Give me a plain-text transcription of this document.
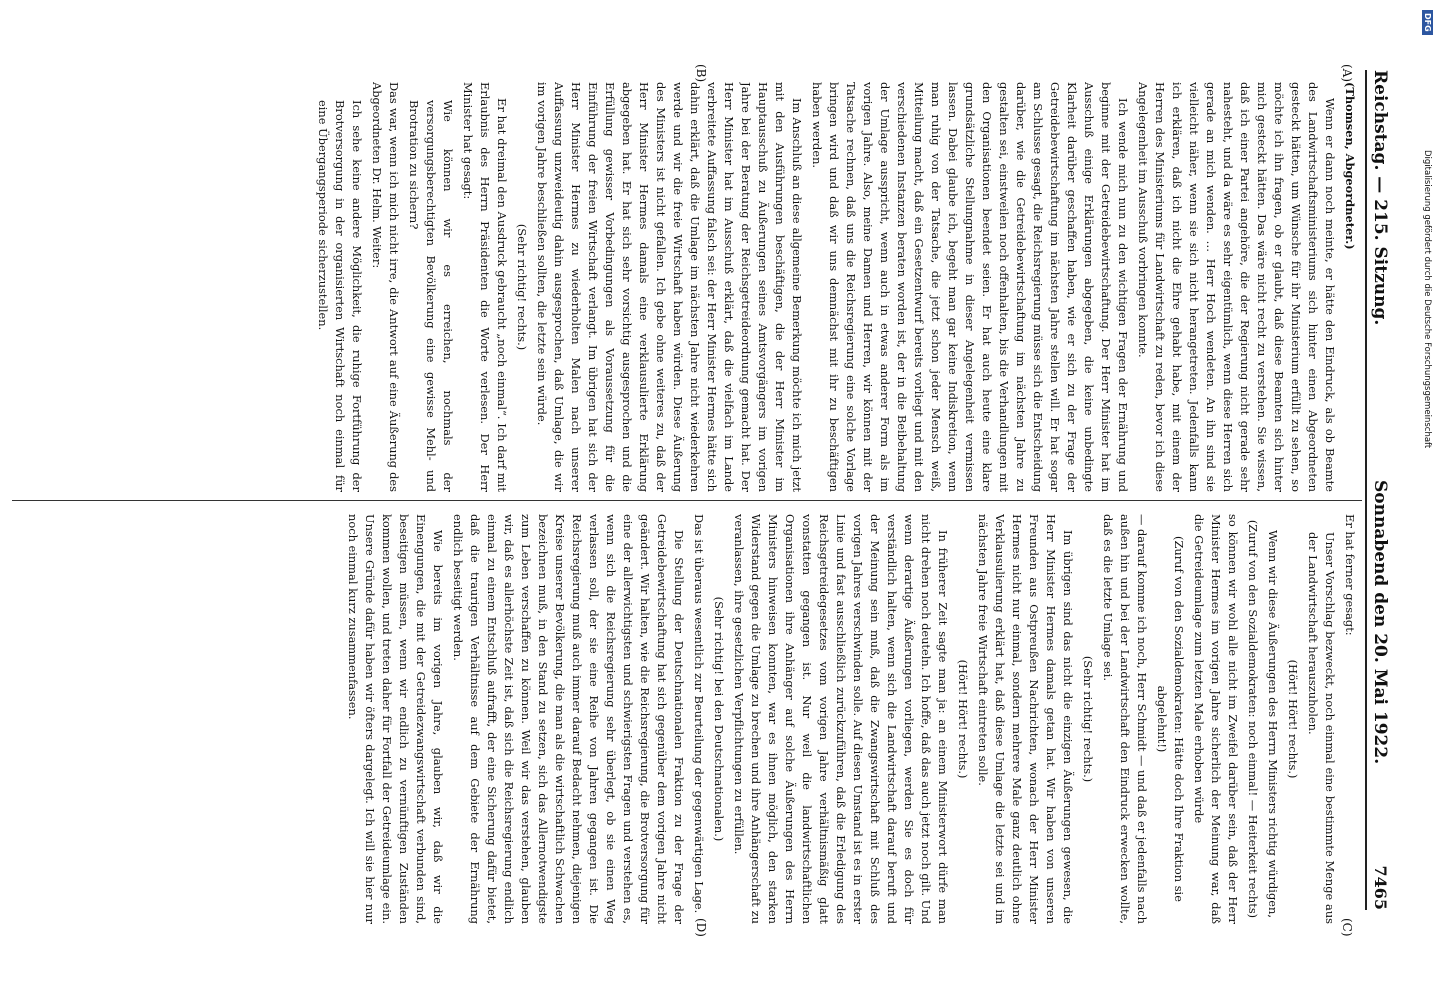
DFG
Digitalisierung gefördert durch die Deutsche Forschungsgemeinschaft
Reichstag. — 215. Sitzung.
Sonnabend den 20. Mai 1922.
7465
(A)
(B)
(C)
(D)

(Thomsen, Abgeordneter.)

Wenn er dann noch meinte, er hätte den Eindruck, als ob Beamte des Landwirtschaftsministeriums sich hinter einen Abgeordneten gesteckt hätten, um Wünsche für ihr Ministerium erfüllt zu sehen, so möchte ich ihn fragen, ob er glaubt, daß diese Beamten sich hinter mich gesteckt hätten. Das wäre nicht recht zu verstehen. Sie wissen, daß ich einer Partei angehöre, die der Regierung nicht gerade sehr nahesteht, und da wäre es sehr eigentümlich, wenn diese Herren sich gerade an mich wenden. … Herr Hoch wendeten. An ihn sind sie vielleicht näher, wenn sie sich nicht herangetreten. Jedenfalls kann ich erklären, daß ich nicht die Ehre gehabt habe, mit einem der Herren des Ministeriums für Landwirtschaft zu reden, bevor ich diese Angelegenheit im Ausschuß vorbringen konnte.

Ich wende mich nun zu den wichtigen Fragen der Ernährung und beginne mit der Getreidebewirtschaftung. Der Herr Minister hat im Ausschuß einige Erklärungen abgegeben, die keine unbedingte Klarheit darüber geschaffen haben, wie er sich zu der Frage der Getreidebewirtschaftung im nächsten Jahre stellen will. Er hat sogar am Schlusse gesagt, die Reichsregierung müsse sich die Entscheidung darüber, wie die Getreidebewirtschaftung im nächsten Jahre zu gestalten sei, einstweilen noch offenhalten, bis die Verhandlungen mit den Organisationen beendet seien. Er hat auch heute eine klare grundsätzliche Stellungnahme in dieser Angelegenheit vermissen lassen. Dabei glaube ich, begeht man gar keine Indiskretion, wenn man ruhig von der Tatsache, die jetzt schon jeder Mensch weiß, Mitteilung macht, daß ein Gesetzentwurf bereits vorliegt und mit den verschiedenen Instanzen beraten worden ist, der in die Beibehaltung der Umlage ausspricht, wenn auch in etwas anderer Form als im vorigen Jahre. Also, meine Damen und Herren, wir können mit der Tatsache rechnen, daß uns die Reichsregierung eine solche Vorlage bringen wird und daß wir uns demnächst mit ihr zu beschäftigen haben werden.

Im Anschluß an diese allgemeine Bemerkung möchte ich mich jetzt mit den Ausführungen beschäftigen, die der Herr Minister im Hauptausschuß zu Äußerungen seines Amtsvorgängers im vorigen Jahre bei der Beratung der Reichsgetreideordnung gemacht hat. Der Herr Minister hat im Ausschuß erklärt, daß die vielfach im Lande verbreitete Auffassung falsch sei: der Herr Minister Hermes hätte sich dahin erklärt, daß die Umlage im nächsten Jahre nicht wiederkehren werde und wir die freie Wirtschaft haben würden. Diese Äußerung des Ministers ist nicht gefallen. Ich gebe ohne weiteres zu, daß der Herr Minister Hermes damals eine verklausulierte Erklärung abgegeben hat. Er hat sich sehr vorsichtig ausgesprochen und die Erfüllung gewisser Vorbedingungen als Voraussetzung für die Einführung der freien Wirtschaft verlangt. Im übrigen hat sich der Herr Minister Hermes zu wiederholten Malen nach unserer Auffassung unzweideutig dahin ausgesprochen, daß Umlage, die wir im vorigen Jahre beschließen sollten, die letzte sein würde.

(Sehr richtig! rechts.)

Er hat dreimal den Ausdruck gebraucht „noch einmal“. Ich darf mit Erlaubnis des Herrn Präsidenten die Worte verlesen. Der Herr Minister hat gesagt:

Wie können wir es erreichen, nochmals der versorgungsberechtigten Bevölkerung eine gewisse Mehl- und Brotration zu sichern?

Das war, wenn ich mich nicht irre, die Antwort auf eine Äußerung des Abgeordneten Dr. Helm. Weiter:

Ich sehe keine andere Möglichkeit, die ruhige Fortführung der Brotversorgung in der organisierten Wirtschaft noch einmal für eine Übergangsperiode sicherzustellen.

Er hat ferner gesagt:

Unser Vorschlag bezweckt, noch einmal eine bestimmte Menge aus der Landwirtschaft herauszuholen.

(Hört! Hört! rechts.)

Wenn wir diese Äußerungen des Herrn Ministers richtig würdigen,

(Zuruf von den Sozialdemokraten: noch einmal! — Heiterkeit rechts)

so können wir wohl alle nicht im Zweifel darüber sein, daß der Herr Minister Hermes im vorigen Jahre sicherlich der Meinung war, daß die Getreideumlage zum letzten Male erhoben würde

(Zuruf von den Sozialdemokraten: Hätte doch Ihre Fraktion sie abgelehnt!)

— darauf komme ich noch, Herr Schmidt — und daß er jedenfalls nach außen hin und bei der Landwirtschaft den Eindruck erwecken wollte, daß es die letzte Umlage sei.

(Sehr richtig! rechts.)

Im übrigen sind das nicht die einzigen Äußerungen gewesen, die Herr Minister Hermes damals getan hat. Wir haben von unseren Freunden aus Ostpreußen Nachrichten, wonach der Herr Minister Hermes nicht nur einmal, sondern mehrere Male ganz deutlich ohne Verklausulierung erklärt hat, daß diese Umlage die letzte sei und im nächsten Jahre freie Wirtschaft eintreten solle.

(Hört! Hört! rechts.)

In früherer Zeit sagte man ja: an einem Ministerwort dürfe man nicht drehen noch deuteln. Ich hoffe, daß das auch jetzt noch gilt. Und wenn derartige Äußerungen vorliegen, werden Sie es doch für verständlich halten, wenn sich die Landwirtschaft darauf beruft und der Meinung sein muß, daß die Zwangswirtschaft mit Schluß des vorigen Jahres verschwinden solle. Auf diesen Umstand ist es in erster Linie und fast ausschließlich zurückzuführen, daß die Erledigung des Reichsgetreidegesetzes vom vorigen Jahre verhältnismäßig glatt vonstatten gegangen ist. Nur weil die landwirtschaftlichen Organisationen ihre Anhänger auf solche Äußerungen des Herrn Ministers hinweisen konnten, war es ihnen möglich, den starken Widerstand gegen die Umlage zu brechen und ihre Anhängerschaft zu veranlassen, ihre gesetzlichen Verpflichtungen zu erfüllen.

(Sehr richtig! bei den Deutschnationalen.)

Das ist überaus wesentlich zur Beurteilung der gegenwärtigen Lage.

Die Stellung der Deutschnationalen Fraktion zu der Frage der Getreidebewirtschaftung hat sich gegenüber dem vorigen Jahre nicht geändert. Wir halten, wie die Reichsregierung, die Brotversorgung für eine der allerwichtigsten und schwierigsten Fragen und verstehen es, wenn sich die Reichsregierung sehr überlegt, ob sie einen Weg verlassen soll, der sie eine Reihe von Jahren gegangen ist. Die Reichsregierung muß auch immer darauf Bedacht nehmen, diejenigen Kreise unserer Bevölkerung, die man als die wirtschaftlich Schwachen bezeichnen muß, in den Stand zu setzen, sich das Allernotwendigste zum Leben verschaffen zu können. Weil wir das verstehen, glauben wir, daß es allerhöchste Zeit ist, daß sich die Reichsregierung endlich einmal zu einem Entschluß aufrafft, der eine Sicherung dafür bietet, daß die traurigen Verhältnisse auf dem Gebiete der Ernährung endlich beseitigt werden.

Wie bereits im vorigen Jahre, glauben wir, daß wir die Einengungen, die mit der Getreidezwangswirtschaft verbunden sind, beseitigen müssen, wenn wir endlich zu vernünftigen Zuständen kommen wollen, und treten daher für Fortfall der Getreideumlage ein. Unsere Gründe dafür haben wir öfters dargelegt. Ich will sie hier nur noch einmal kurz zusammenfassen.
